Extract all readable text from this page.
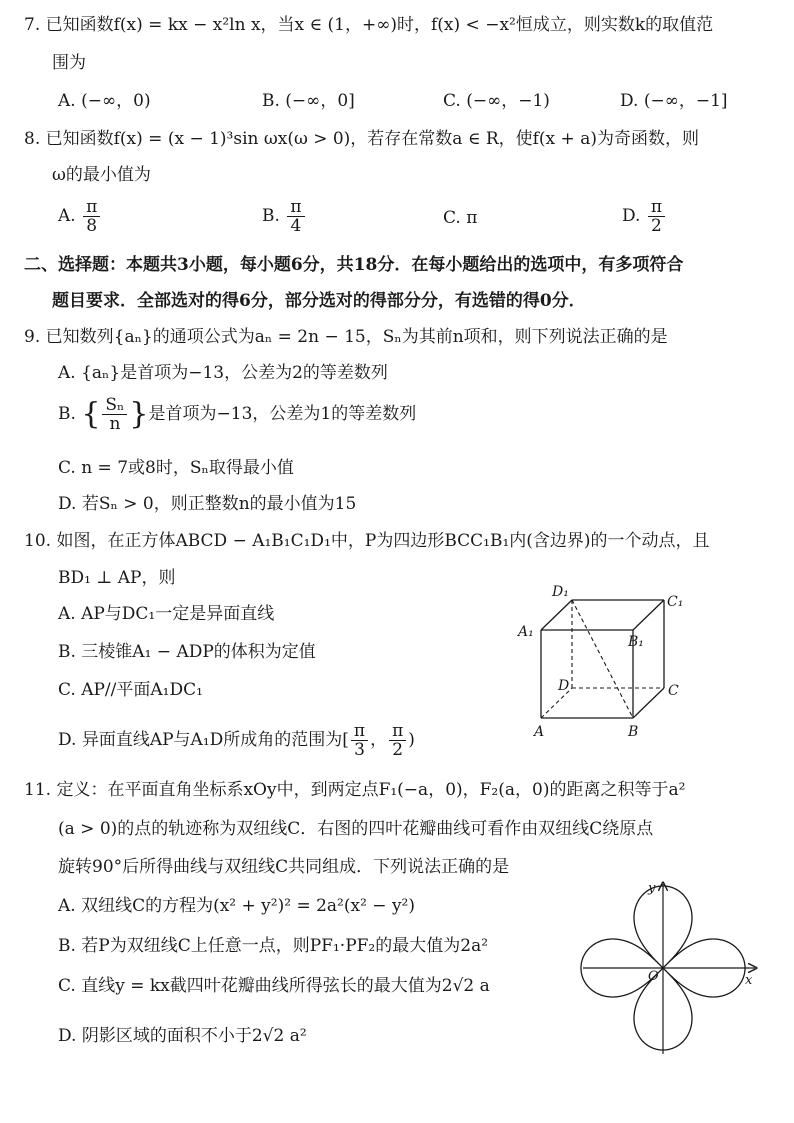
7. 已知函数f(x) = kx − x²ln x，当x ∈ (1，+∞)时，f(x) < −x²恒成立，则实数k的取值范
围为
A. (−∞，0)	B. (−∞，0]	C. (−∞，−1)	D. (−∞，−1]
8. 已知函数f(x) = (x − 1)³sin ωx(ω > 0)，若存在常数a ∈ R，使f(x + a)为奇函数，则
ω的最小值为
A. $\frac{\pi}{8}$	B. $\frac{\pi}{4}$	C. π	D. $\frac{\pi}{2}$
二、选择题：本题共3小题，每小题6分，共18分．在每小题给出的选项中，有多项符合
题目要求．全部选对的得6分，部分选对的得部分分，有选错的得0分．
9. 已知数列{aₙ}的通项公式为aₙ = 2n − 15，Sₙ为其前n项和，则下列说法正确的是
A. {aₙ}是首项为−13，公差为2的等差数列
B. { $\frac{\text{Sₙ}}{n}$ }是首项为−13，公差为1的等差数列
C. n = 7或8时，Sₙ取得最小值
D. 若Sₙ > 0，则正整数n的最小值为15
10. 如图，在正方体ABCD − A₁B₁C₁D₁中，P为四边形BCC₁B₁内(含边界)的一个动点，且
BD₁ ⊥ AP，则
A. AP与DC₁一定是异面直线
B. 三棱锥A₁ − ADP的体积为定值
C. AP//平面A₁DC₁
D. 异面直线AP与A₁D所成角的范围为[ $\frac{\pi}{3}$ ， $\frac{\pi}{2}$ )
D₁
C₁
A₁
B₁
D	C
A	B
11. 定义：在平面直角坐标系xOy中，到两定点F₁(−a，0)，F₂(a，0)的距离之积等于a²
(a > 0)的点的轨迹称为双纽线C．右图的四叶花瓣曲线可看作由双纽线C绕原点
旋转90°后所得曲线与双纽线C共同组成．下列说法正确的是
A. 双纽线C的方程为(x² + y²)² = 2a²(x² − y²)
B. 若P为双纽线C上任意一点，则PF₁·PF₂的最大值为2a²
C. 直线y = kx截四叶花瓣曲线所得弦长的最大值为2√2 a
D. 阴影区域的面积不小于2√2 a²
y
x
O
